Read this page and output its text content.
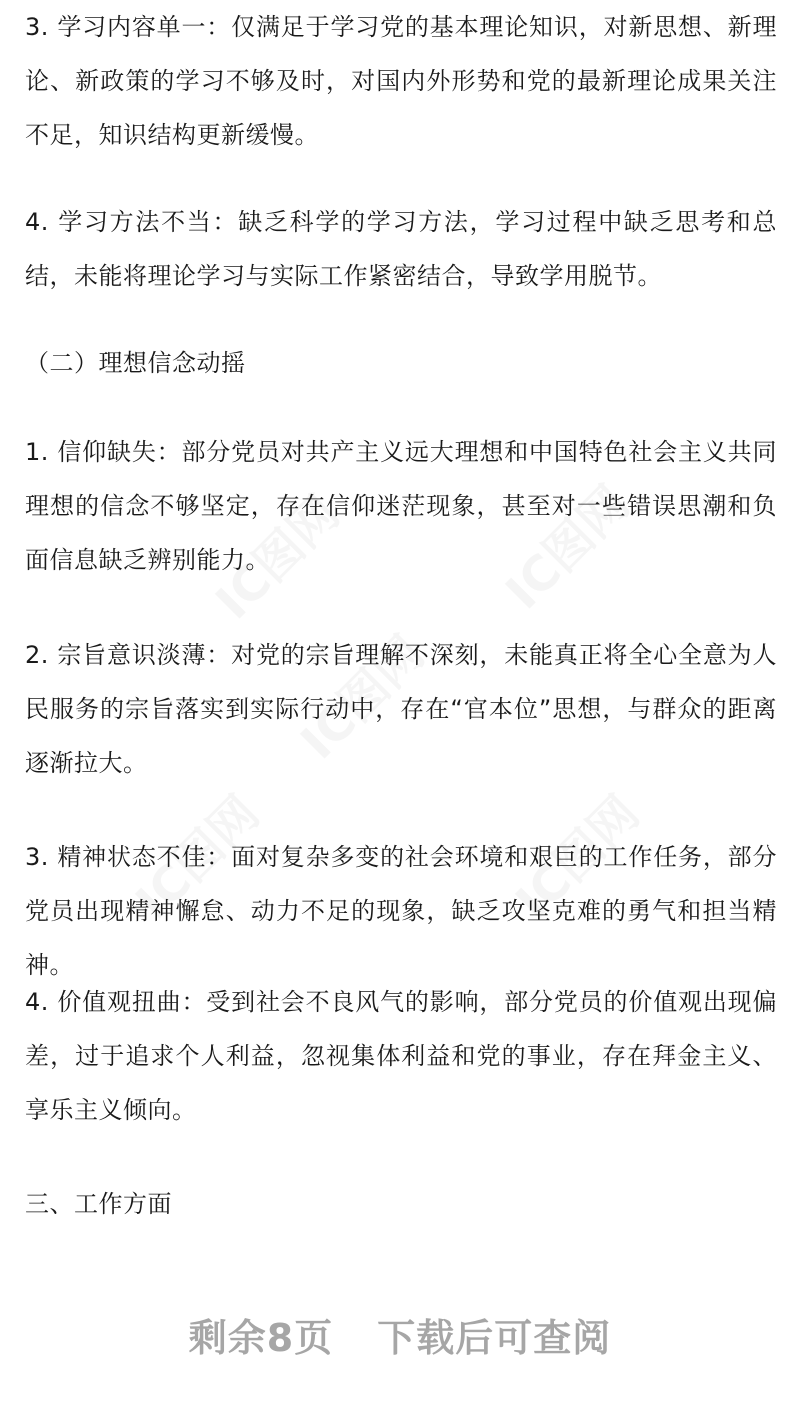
3. 学习内容单一：仅满足于学习党的基本理论知识，对新思想、新理论、新政策的学习不够及时，对国内外形势和党的最新理论成果关注不足，知识结构更新缓慢。

4. 学习方法不当：缺乏科学的学习方法，学习过程中缺乏思考和总结，未能将理论学习与实际工作紧密结合，导致学用脱节。

（二）理想信念动摇

1. 信仰缺失：部分党员对共产主义远大理想和中国特色社会主义共同理想的信念不够坚定，存在信仰迷茫现象，甚至对一些错误思潮和负面信息缺乏辨别能力。

2. 宗旨意识淡薄：对党的宗旨理解不深刻，未能真正将全心全意为人民服务的宗旨落实到实际行动中，存在“官本位”思想，与群众的距离逐渐拉大。

3. 精神状态不佳：面对复杂多变的社会环境和艰巨的工作任务，部分党员出现精神懈怠、动力不足的现象，缺乏攻坚克难的勇气和担当精神。

4. 价值观扭曲：受到社会不良风气的影响，部分党员的价值观出现偏差，过于追求个人利益，忽视集体利益和党的事业，存在拜金主义、享乐主义倾向。

三、工作方面

剩余8页 下载后可查阅
